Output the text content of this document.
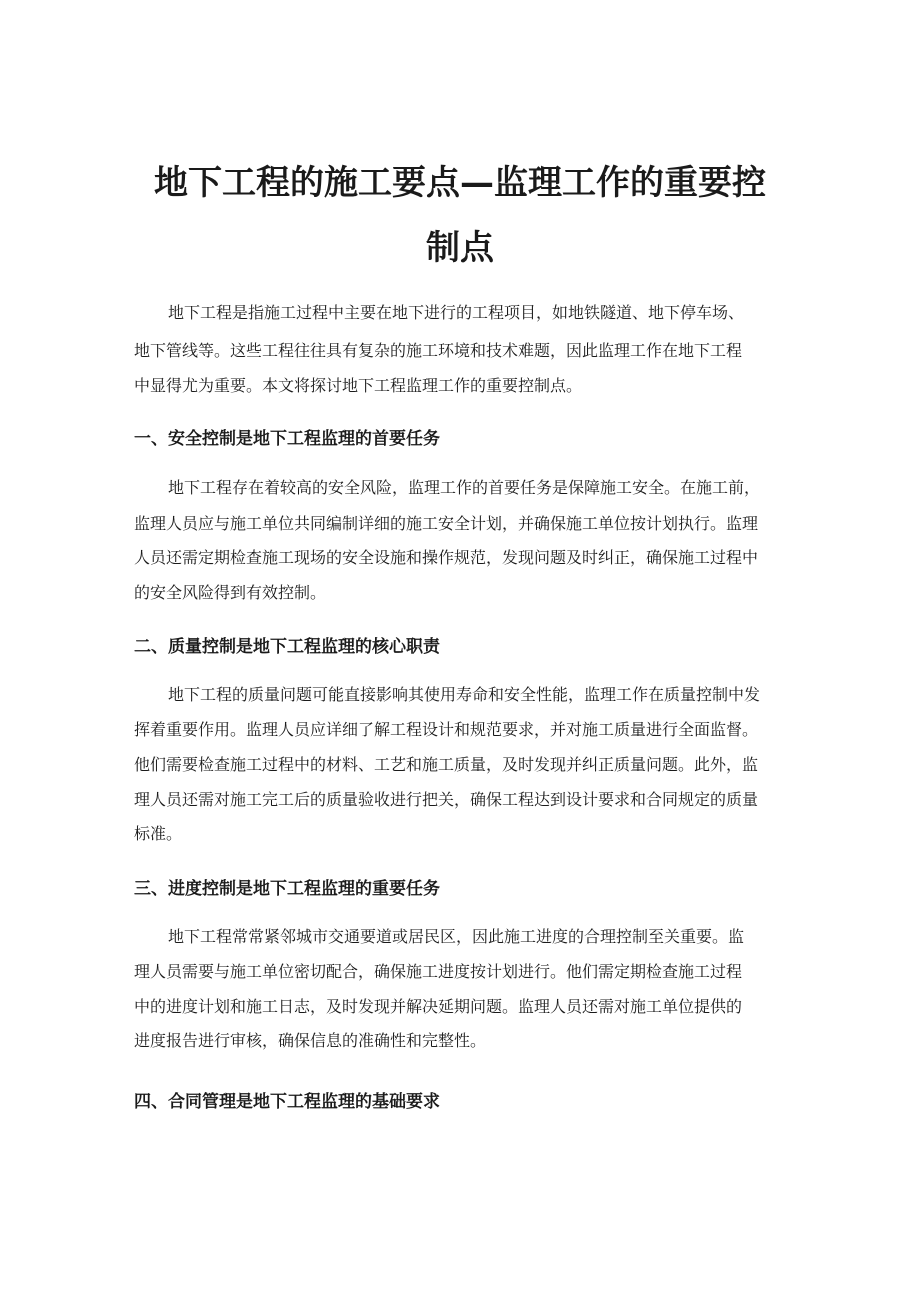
地下工程的施工要点—监理工作的重要控
制点
地下工程是指施工过程中主要在地下进行的工程项目，如地铁隧道、地下停车场、
地下管线等。这些工程往往具有复杂的施工环境和技术难题，因此监理工作在地下工程
中显得尤为重要。本文将探讨地下工程监理工作的重要控制点。
一、安全控制是地下工程监理的首要任务
地下工程存在着较高的安全风险，监理工作的首要任务是保障施工安全。在施工前，
监理人员应与施工单位共同编制详细的施工安全计划，并确保施工单位按计划执行。监理
人员还需定期检查施工现场的安全设施和操作规范，发现问题及时纠正，确保施工过程中
的安全风险得到有效控制。
二、质量控制是地下工程监理的核心职责
地下工程的质量问题可能直接影响其使用寿命和安全性能，监理工作在质量控制中发
挥着重要作用。监理人员应详细了解工程设计和规范要求，并对施工质量进行全面监督。
他们需要检查施工过程中的材料、工艺和施工质量，及时发现并纠正质量问题。此外，监
理人员还需对施工完工后的质量验收进行把关，确保工程达到设计要求和合同规定的质量
标准。
三、进度控制是地下工程监理的重要任务
地下工程常常紧邻城市交通要道或居民区，因此施工进度的合理控制至关重要。监
理人员需要与施工单位密切配合，确保施工进度按计划进行。他们需定期检查施工过程
中的进度计划和施工日志，及时发现并解决延期问题。监理人员还需对施工单位提供的
进度报告进行审核，确保信息的准确性和完整性。
四、合同管理是地下工程监理的基础要求
